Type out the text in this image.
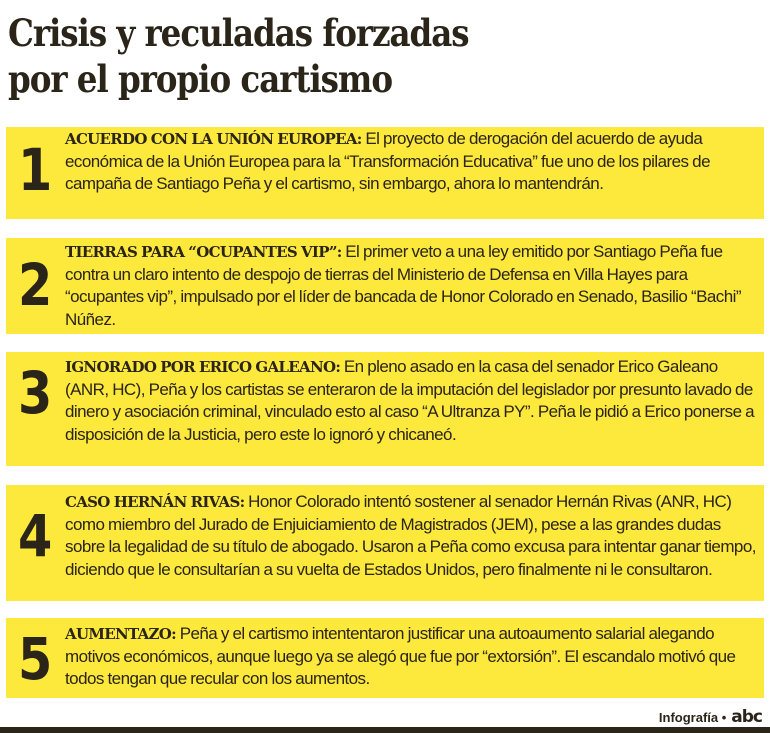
Crisis y reculadas forzadas
por el propio cartismo
1 ACUERDO CON LA UNIÓN EUROPEA: El proyecto de derogación del acuerdo de ayuda económica de la Unión Europea para la “Transformación Educativa” fue uno de los pilares de campaña de Santiago Peña y el cartismo, sin embargo, ahora lo mantendrán.
2 TIERRAS PARA “OCUPANTES VIP”: El primer veto a una ley emitido por Santiago Peña fue contra un claro intento de despojo de tierras del Ministerio de Defensa en Villa Hayes para “ocupantes vip”, impulsado por el líder de bancada de Honor Colorado en Senado, Basilio “Bachi” Núñez.
3 IGNORADO POR ERICO GALEANO: En pleno asado en la casa del senador Erico Galeano (ANR, HC), Peña y los cartistas se enteraron de la imputación del legislador por presunto lavado de dinero y asociación criminal, vinculado esto al caso “A Ultranza PY”. Peña le pidió a Erico ponerse a disposición de la Justicia, pero este lo ignoró y chicaneó.
4 CASO HERNÁN RIVAS: Honor Colorado intentó sostener al senador Hernán Rivas (ANR, HC) como miembro del Jurado de Enjuiciamiento de Magistrados (JEM), pese a las grandes dudas sobre la legalidad de su título de abogado. Usaron a Peña como excusa para intentar ganar tiempo, diciendo que le consultarían a su vuelta de Estados Unidos, pero finalmente ni le consultaron.
5 AUMENTAZO: Peña y el cartismo intententaron justificar una autoaumento salarial alegando motivos económicos, aunque luego ya se alegó que fue por “extorsión”. El escandalo motivó que todos tengan que recular con los aumentos.
Infografía • abc
